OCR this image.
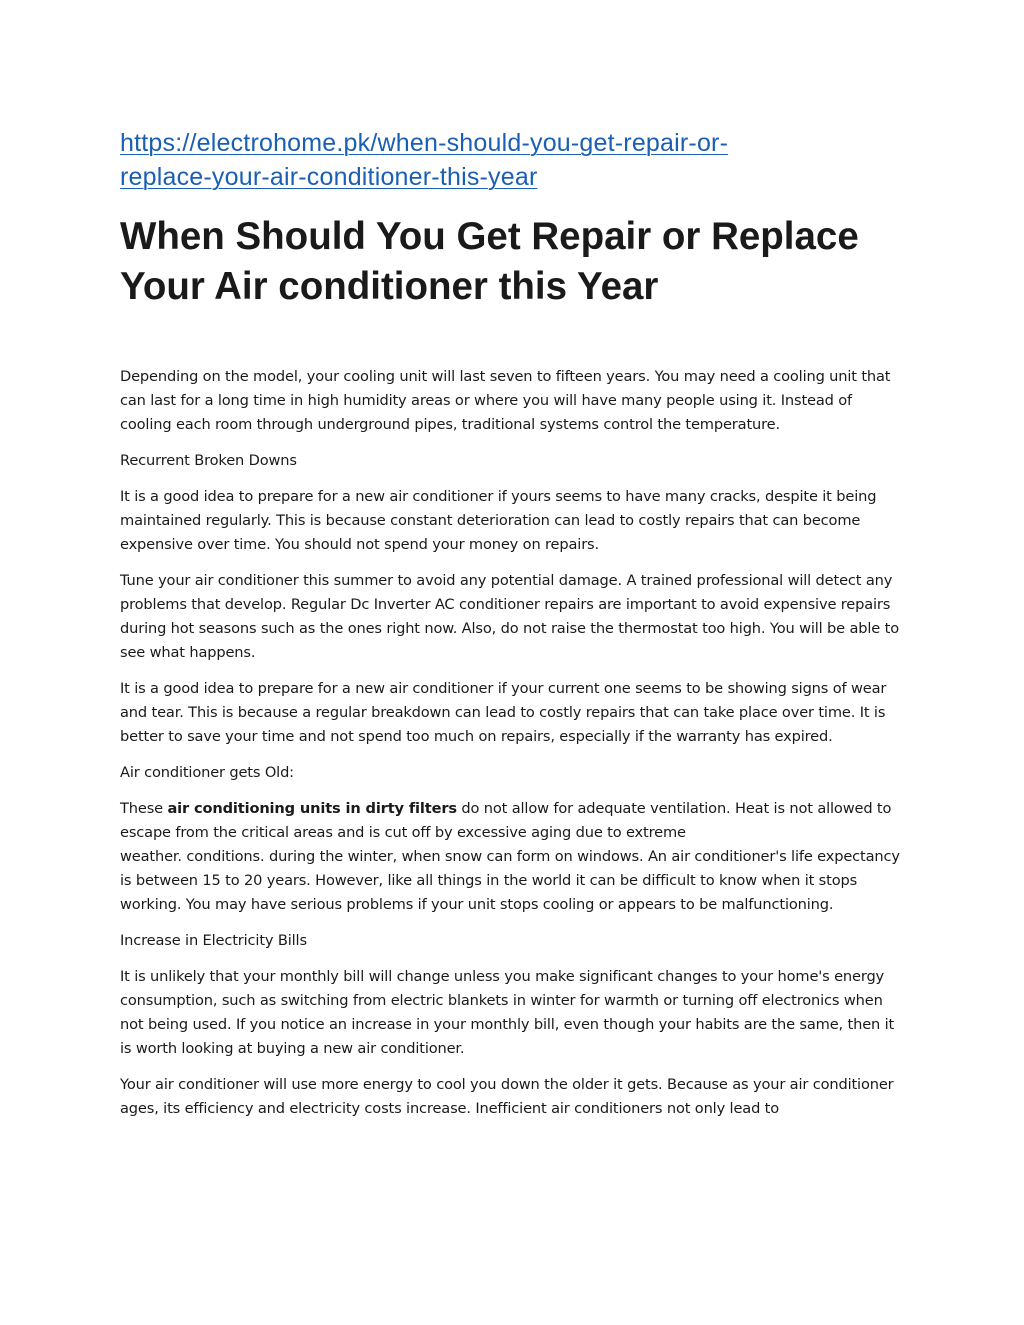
https://electrohome.pk/when-should-you-get-repair-or-
replace-your-air-conditioner-this-year
When Should You Get Repair or Replace Your Air conditioner this Year

Depending on the model, your cooling unit will last seven to fifteen years. You may need a cooling unit that can last for a long time in high humidity areas or where you will have many people using it. Instead of cooling each room through underground pipes, traditional systems control the temperature.

Recurrent Broken Downs

It is a good idea to prepare for a new air conditioner if yours seems to have many cracks, despite it being maintained regularly. This is because constant deterioration can lead to costly repairs that can become expensive over time. You should not spend your money on repairs.

Tune your air conditioner this summer to avoid any potential damage. A trained professional will detect any problems that develop. Regular Dc Inverter AC conditioner repairs are important to avoid expensive repairs during hot seasons such as the ones right now. Also, do not raise the thermostat too high. You will be able to see what happens.

It is a good idea to prepare for a new air conditioner if your current one seems to be showing signs of wear and tear. This is because a regular breakdown can lead to costly repairs that can take place over time. It is better to save your time and not spend too much on repairs, especially if the warranty has expired.

Air conditioner gets Old:

These air conditioning units in dirty filters do not allow for adequate ventilation. Heat is not allowed to escape from the critical areas and is cut off by excessive aging due to extreme
weather. conditions. during the winter, when snow can form on windows. An air conditioner's life expectancy is between 15 to 20 years. However, like all things in the world it can be difficult to know when it stops working. You may have serious problems if your unit stops cooling or appears to be malfunctioning.

Increase in Electricity Bills

It is unlikely that your monthly bill will change unless you make significant changes to your home's energy consumption, such as switching from electric blankets in winter for warmth or turning off electronics when not being used. If you notice an increase in your monthly bill, even though your habits are the same, then it is worth looking at buying a new air conditioner.

Your air conditioner will use more energy to cool you down the older it gets. Because as your air conditioner ages, its efficiency and electricity costs increase. Inefficient air conditioners not only lead to
